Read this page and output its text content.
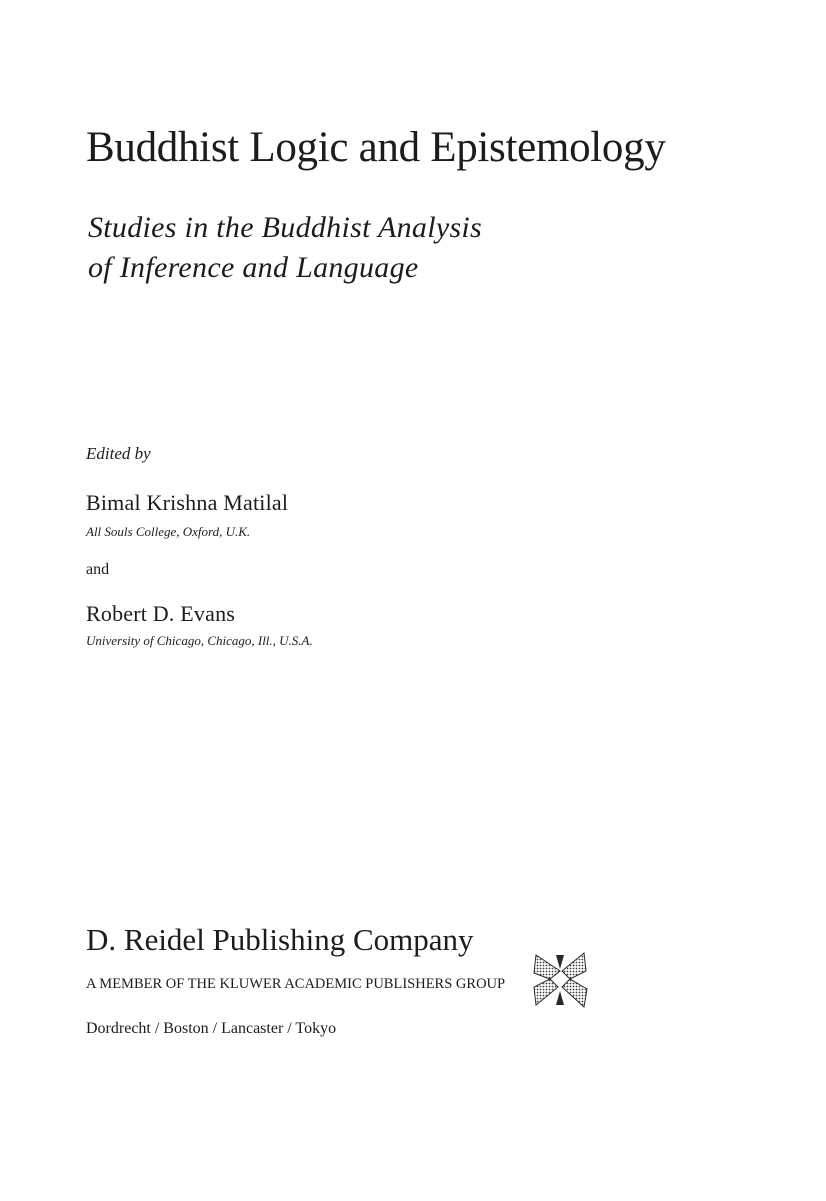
Buddhist Logic and Epistemology
Studies in the Buddhist Analysis
of Inference and Language
Edited by
Bimal Krishna Matilal
All Souls College, Oxford, U.K.
and
Robert D. Evans
University of Chicago, Chicago, Ill., U.S.A.
D. Reidel Publishing Company
A MEMBER OF THE KLUWER ACADEMIC PUBLISHERS GROUP
Dordrecht / Boston / Lancaster / Tokyo
